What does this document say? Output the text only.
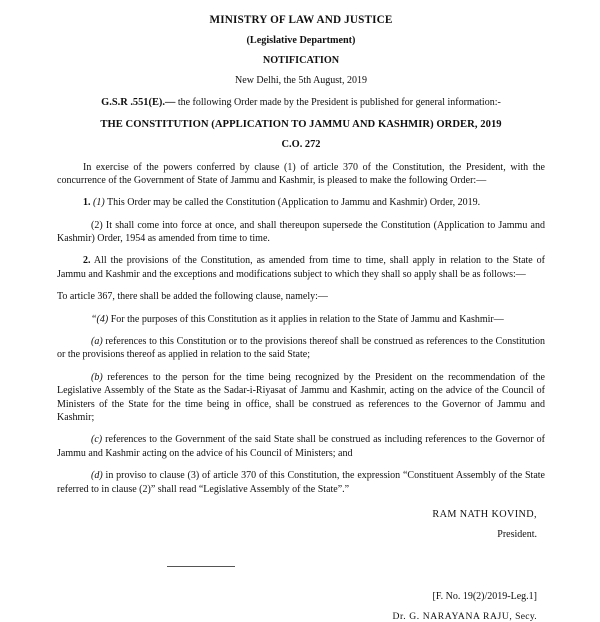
MINISTRY OF LAW AND JUSTICE
(Legislative Department)
NOTIFICATION
New Delhi, the 5th August, 2019
G.S.R .551(E).— the following Order made by the President is published for general information:-
THE CONSTITUTION (APPLICATION TO JAMMU AND KASHMIR) ORDER, 2019
C.O. 272

In exercise of the powers conferred by clause (1) of article 370 of the Constitution, the President, with the concurrence of the Government of State of Jammu and Kashmir, is pleased to make the following Order:—

1. (1) This Order may be called the Constitution (Application to Jammu and Kashmir) Order, 2019.

(2) It shall come into force at once, and shall thereupon supersede the Constitution (Application to Jammu and Kashmir) Order, 1954 as amended from time to time.

2. All the provisions of the Constitution, as amended from time to time, shall apply in relation to the State of Jammu and Kashmir and the exceptions and modifications subject to which they shall so apply shall be as follows:—

To article 367, there shall be added the following clause, namely:—

“(4) For the purposes of this Constitution as it applies in relation to the State of Jammu and Kashmir—

(a) references to this Constitution or to the provisions thereof shall be construed as references to the Constitution or the provisions thereof as applied in relation to the said State;

(b) references to the person for the time being recognized by the President on the recommendation of the Legislative Assembly of the State as the Sadar-i-Riyasat of Jammu and Kashmir, acting on the advice of the Council of Ministers of the State for the time being in office, shall be construed as references to the Governor of Jammu and Kashmir;

(c) references to the Government of the said State shall be construed as including references to the Governor of Jammu and Kashmir acting on the advice of his Council of Ministers; and

(d) in proviso to clause (3) of article 370 of this Constitution, the expression “Constituent Assembly of the State referred to in clause (2)” shall read “Legislative Assembly of the State”.”

RAM NATH KOVIND,
President.
[F. No. 19(2)/2019-Leg.1]
Dr. G. NARAYANA RAJU, Secy.
